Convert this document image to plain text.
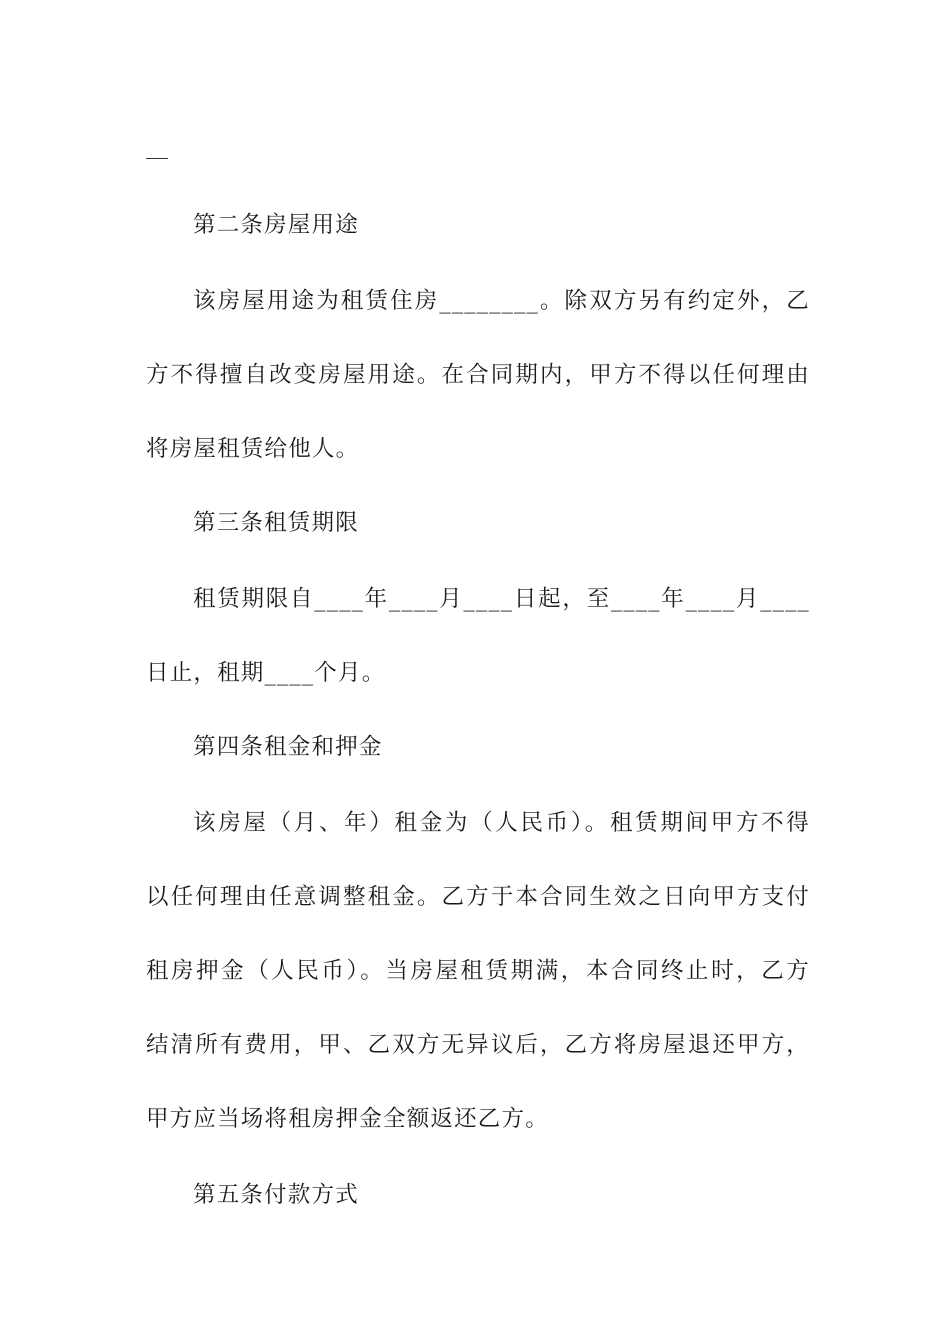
第二条房屋用途
该房屋用途为租赁住房________。除双方另有约定外，乙
方不得擅自改变房屋用途。在合同期内，甲方不得以任何理由
将房屋租赁给他人。
第三条租赁期限
租赁期限自____年____月____日起，至____年____月____
日止，租期____个月。
第四条租金和押金
该房屋（月、年）租金为（人民币）。租赁期间甲方不得
以任何理由任意调整租金。乙方于本合同生效之日向甲方支付
租房押金（人民币）。当房屋租赁期满，本合同终止时，乙方
结清所有费用，甲、乙双方无异议后，乙方将房屋退还甲方，
甲方应当场将租房押金全额返还乙方。
第五条付款方式
